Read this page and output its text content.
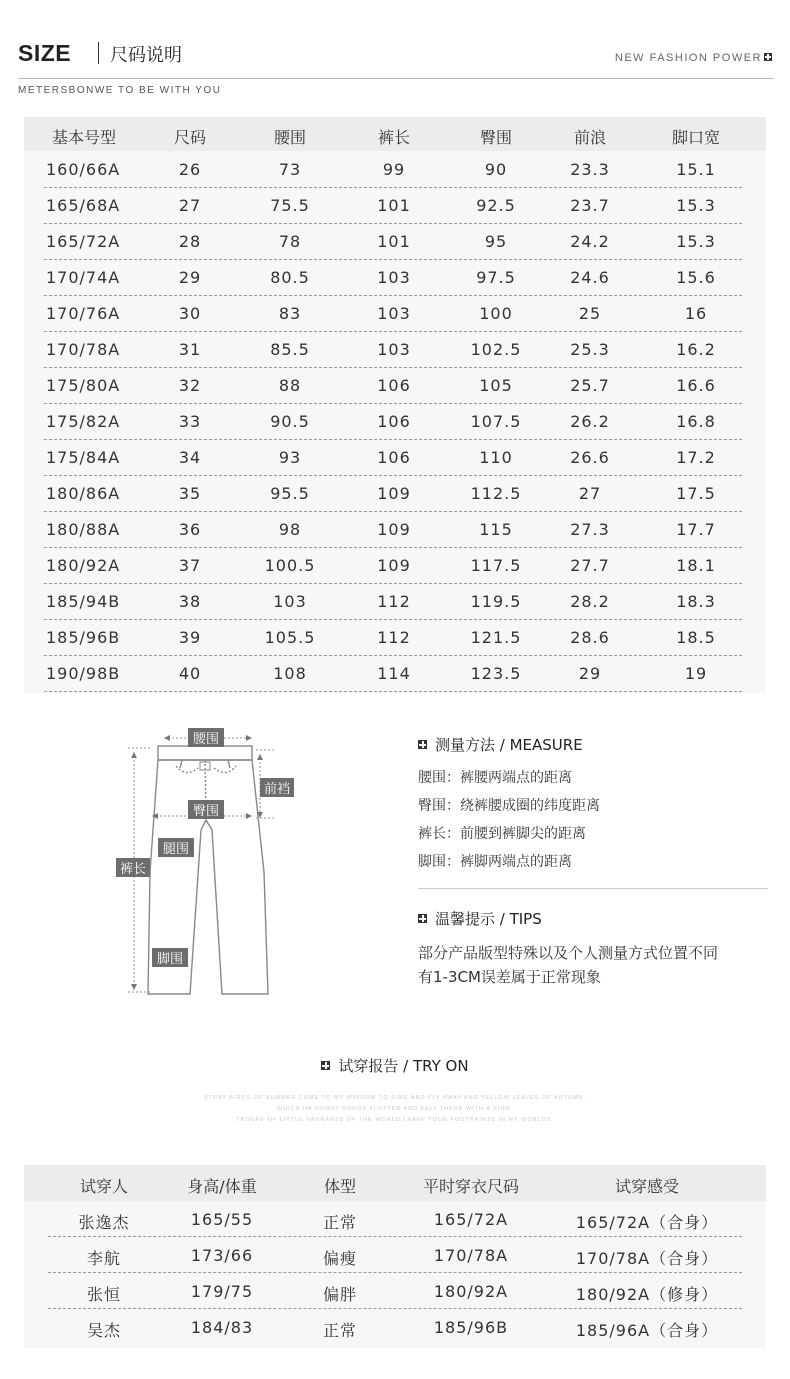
SIZE 尺码说明	NEW FASHION POWER
METERSBONWE TO BE WITH YOU
基本号型	尺码	腰围	裤长	臀围	前浪	脚口宽
160/66A	26	73	99	90	23.3	15.1
165/68A	27	75.5	101	92.5	23.7	15.3
165/72A	28	78	101	95	24.2	15.3
170/74A	29	80.5	103	97.5	24.6	15.6
170/76A	30	83	103	100	25	16
170/78A	31	85.5	103	102.5	25.3	16.2
175/80A	32	88	106	105	25.7	16.6
175/82A	33	90.5	106	107.5	26.2	16.8
175/84A	34	93	106	110	26.6	17.2
180/86A	35	95.5	109	112.5	27	17.5
180/88A	36	98	109	115	27.3	17.7
180/92A	37	100.5	109	117.5	27.7	18.1
185/94B	38	103	112	119.5	28.2	18.3
185/96B	39	105.5	112	121.5	28.6	18.5
190/98B	40	108	114	123.5	29	19
腰围
前裆
臀围
腿围
裤长
脚围
测量方法 / MEASURE
腰围：裤腰两端点的距离
臀围：绕裤腰成圈的纬度距离
裤长：前腰到裤脚尖的距离
脚围：裤脚两端点的距离
温馨提示 / TIPS
部分产品版型特殊以及个人测量方式位置不同
有1-3CM误差属于正常现象
试穿报告 / TRY ON
STRAY BIRDS OF SUMMER COME TO MY WINDOW TO SING AND FLY AWAY.AND YELLOW LEAVES OF AUTUMN,
WHICH HA DONOT SONGS,FLUTTER AND FALL THERE WITH A SIGN.
TROUPE OF LITTLE VAGRANTS OF THE WORLD,LEAVE YOUR FOOTPRINTS IN MY WORLDS.
试穿人	身高/体重	体型	平时穿衣尺码	试穿感受
张逸杰	165/55	正常	165/72A	165/72A（合身）
李航	173/66	偏瘦	170/78A	170/78A（合身）
张恒	179/75	偏胖	180/92A	180/92A（修身）
吴杰	184/83	正常	185/96B	185/96A（合身）
